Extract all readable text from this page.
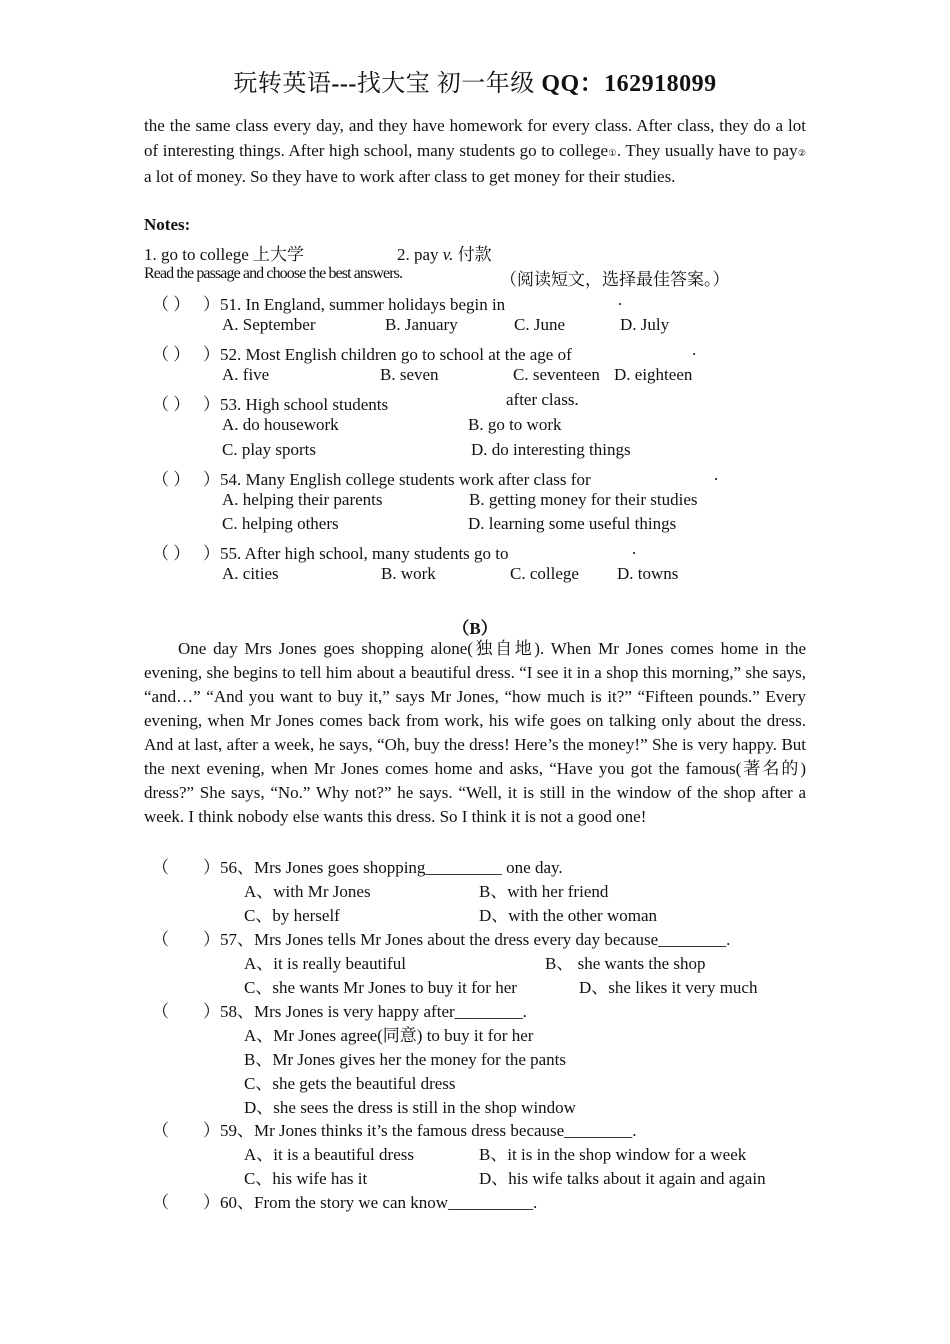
玩转英语---找大宝 初一年级 QQ：162918099
the the same class every day, and they have homework for every class. After class, they do a lot of interesting things. After high school, many students go to college①. They usually have to pay② a lot of money. So they have to work after class to get money for their studies.
Notes:
1. go to college 上大学	2. pay v. 付款
Read the passage and choose the best answers.	（阅读短文，选择最佳答案。）
（ ） ）51. In England, summer holidays begin in	.
A. September	B. January	C. June	D. July
（ ） ）52. Most English children go to school at the age of	.
A. five	B. seven	C. seventeen D. eighteen
（ ） ）53. High school students	after class.
A. do housework	B. go to work
C. play sports	D. do interesting things
（ ） ）54. Many English college students work after class for	.
A. helping their parents	B. getting money for their studies
C. helping others	D. learning some useful things
（ ） ）55. After high school, many students go to	.
A. cities	B. work	C. college D. towns
（B）
One day Mrs Jones goes shopping alone(独自地). When Mr Jones comes home in the evening, she begins to tell him about a beautiful dress. “I see it in a shop this morning,” she says, “and…” “And you want to buy it,” says Mr Jones, “how much is it?” “Fifteen pounds.” Every evening, when Mr Jones comes back from work, his wife goes on talking only about the dress. And at last, after a week, he says, “Oh, buy the dress! Here’s the money!” She is very happy. But the next evening, when Mr Jones comes home and asks, “Have you got the famous(著名的) dress?” She says, “No.” Why not?” he says. “Well, it is still in the window of the shop after a week. I think nobody else wants this dress. So I think it is not a good one!
（ ）56、Mrs Jones goes shopping_________ one day.
A、with Mr Jones	B、with her friend
C、by herself	D、with the other woman
（ ）57、Mrs Jones tells Mr Jones about the dress every day because________.
A、it is really beautiful	B、 she wants the shop
C、she wants Mr Jones to buy it for her	D、she likes it very much
（ ）58、Mrs Jones is very happy after________.
A、Mr Jones agree(同意) to buy it for her
B、Mr Jones gives her the money for the pants
C、she gets the beautiful dress
D、she sees the dress is still in the shop window
（ ）59、Mr Jones thinks it’s the famous dress because________.
A、it is a beautiful dress	B、it is in the shop window for a week
C、his wife has it	D、his wife talks about it again and again
（ ）60、From the story we can know__________.
